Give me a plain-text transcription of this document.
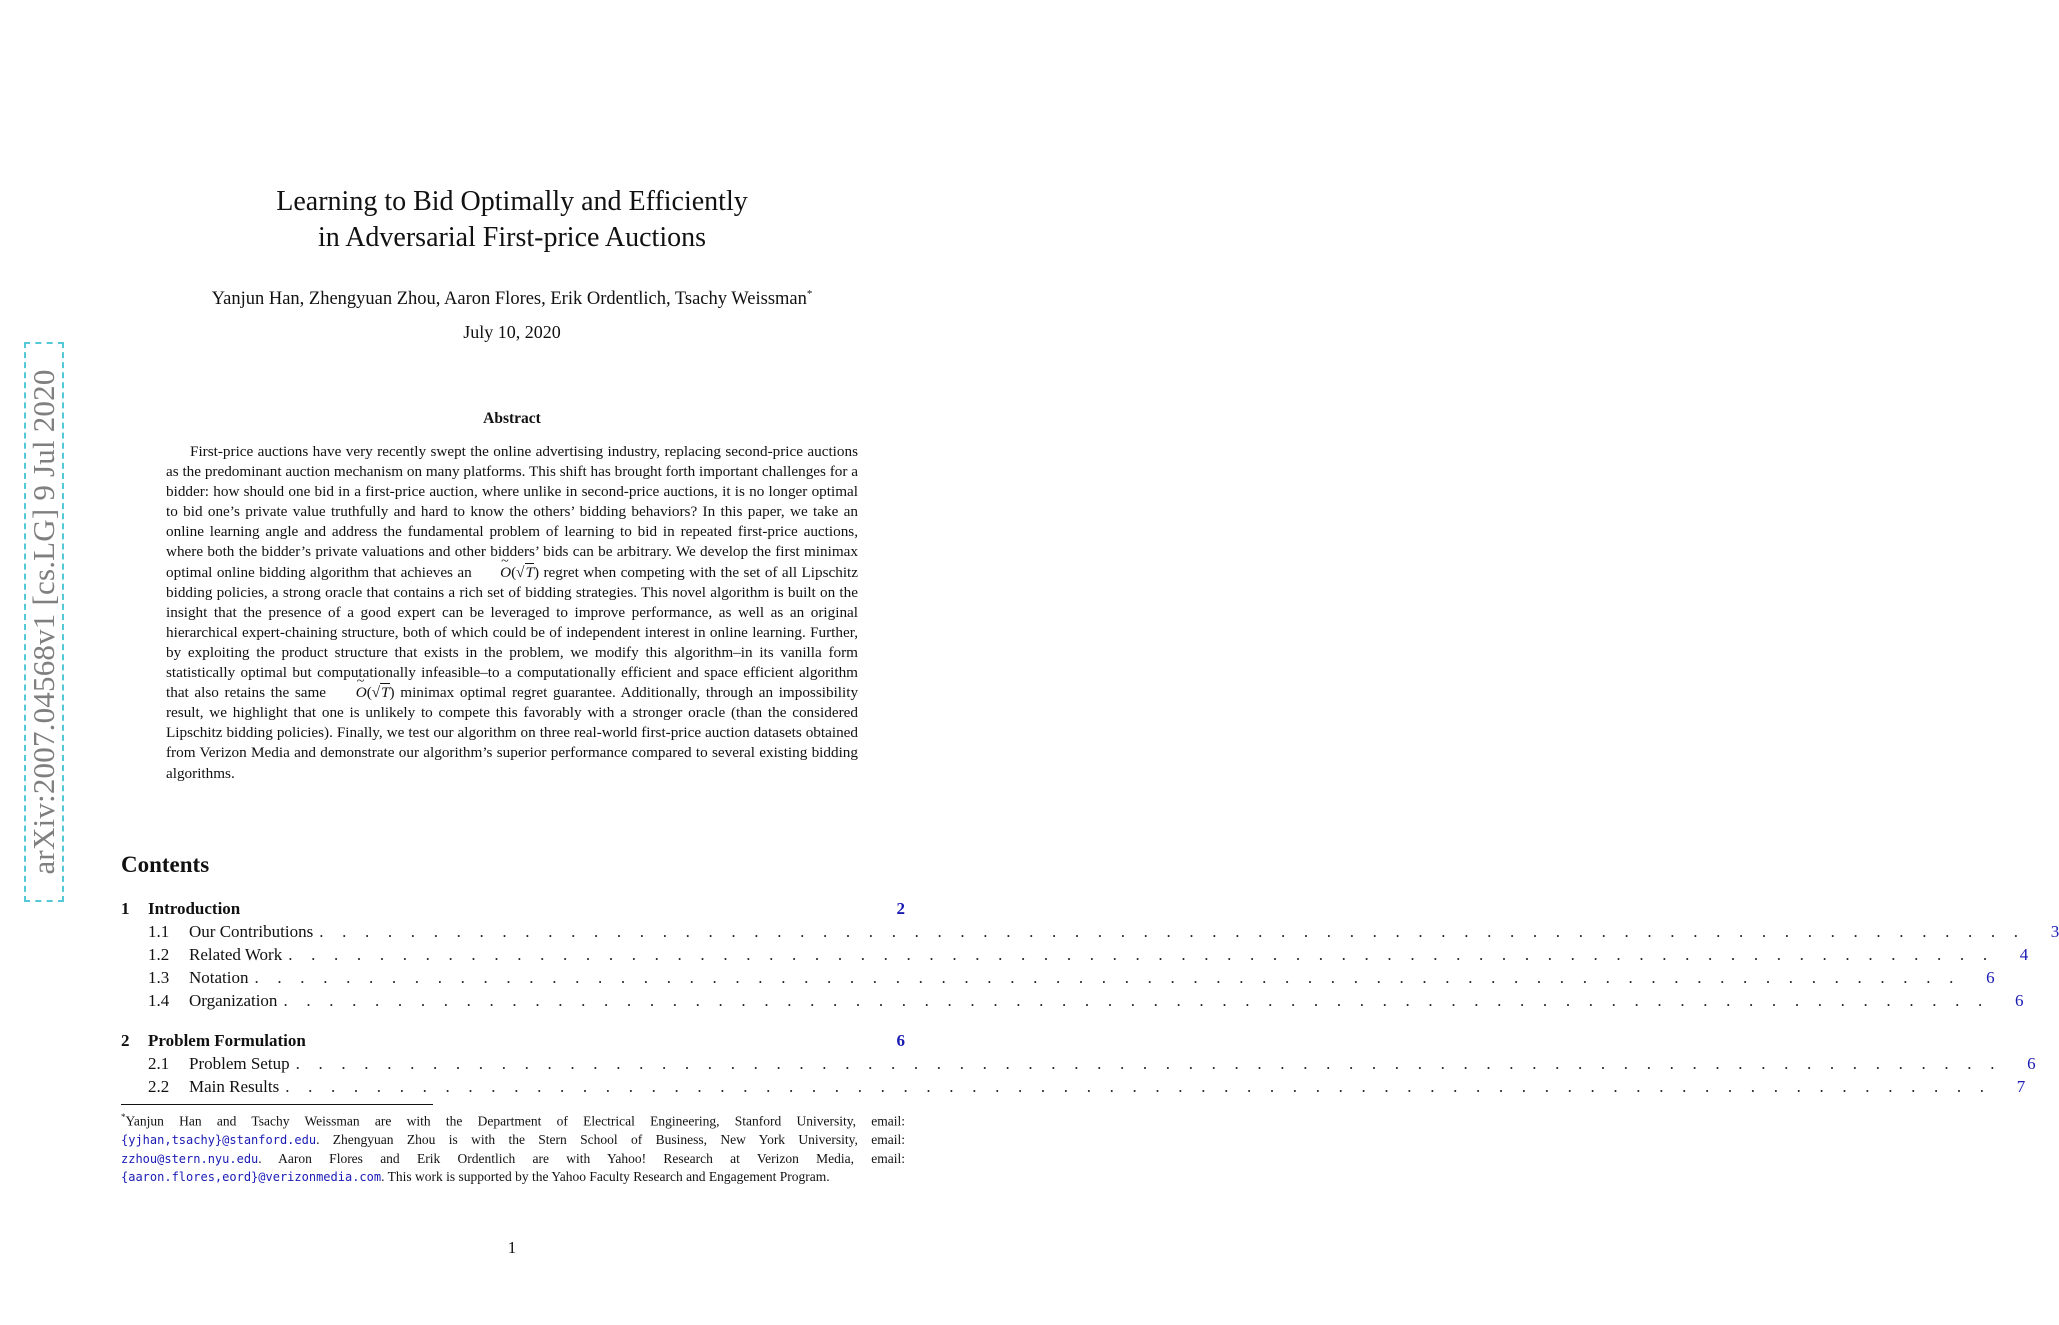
arXiv:2007.04568v1 [cs.LG] 9 Jul 2020
Learning to Bid Optimally and Efficiently
in Adversarial First-price Auctions
Yanjun Han, Zhengyuan Zhou, Aaron Flores, Erik Ordentlich, Tsachy Weissman*
July 10, 2020
Abstract
First-price auctions have very recently swept the online advertising industry, replacing second-price auctions as the predominant auction mechanism on many platforms. This shift has brought forth important challenges for a bidder: how should one bid in a first-price auction, where unlike in second-price auctions, it is no longer optimal to bid one’s private value truthfully and hard to know the others’ bidding behaviors? In this paper, we take an online learning angle and address the fundamental problem of learning to bid in repeated first-price auctions, where both the bidder’s private valuations and other bidders’ bids can be arbitrary. We develop the first minimax optimal online bidding algorithm that achieves an ~ O(√T) regret when competing with the set of all Lipschitz bidding policies, a strong oracle that contains a rich set of bidding strategies. This novel algorithm is built on the insight that the presence of a good expert can be leveraged to improve performance, as well as an original hierarchical expert-chaining structure, both of which could be of independent interest in online learning. Further, by exploiting the product structure that exists in the problem, we modify this algorithm–in its vanilla form statistically optimal but computationally infeasible–to a computationally efficient and space efficient algorithm that also retains the same ~ O(√T) minimax optimal regret guarantee. Additionally, through an impossibility result, we highlight that one is unlikely to compete this favorably with a stronger oracle (than the considered Lipschitz bidding policies). Finally, we test our algorithm on three real-world first-price auction datasets obtained from Verizon Media and demonstrate our algorithm’s superior performance compared to several existing bidding algorithms.
Contents
1	Introduction	2
1.1	Our Contributions . . . . . . . . . . . . . . . . . . . . . . . . . . . . . . . . . . . . . . . . . . . . . . . . . . . . . . . . . . . . . . . . . . . . . . . . . . .	3
1.2	Related Work . . . . . . . . . . . . . . . . . . . . . . . . . . . . . . . . . . . . . . . . . . . . . . . . . . . . . . . . . . . . . . . . . . . . . . . . . . .	4
1.3	Notation . . . . . . . . . . . . . . . . . . . . . . . . . . . . . . . . . . . . . . . . . . . . . . . . . . . . . . . . . . . . . . . . . . . . . . . . . . .	6
1.4	Organization . . . . . . . . . . . . . . . . . . . . . . . . . . . . . . . . . . . . . . . . . . . . . . . . . . . . . . . . . . . . . . . . . . . . . . . . . . .	6
2	Problem Formulation	6
2.1	Problem Setup . . . . . . . . . . . . . . . . . . . . . . . . . . . . . . . . . . . . . . . . . . . . . . . . . . . . . . . . . . . . . . . . . . . . . . . . . . .	6
2.2	Main Results . . . . . . . . . . . . . . . . . . . . . . . . . . . . . . . . . . . . . . . . . . . . . . . . . . . . . . . . . . . . . . . . . . . . . . . . . . .	7
*Yanjun Han and Tsachy Weissman are with the Department of Electrical Engineering, Stanford University, email: {yjhan,tsachy}@stanford.edu. Zhengyuan Zhou is with the Stern School of Business, New York University, email: zzhou@stern.nyu.edu. Aaron Flores and Erik Ordentlich are with Yahoo! Research at Verizon Media, email: {aaron.flores,eord}@verizonmedia.com. This work is supported by the Yahoo Faculty Research and Engagement Program.
1
